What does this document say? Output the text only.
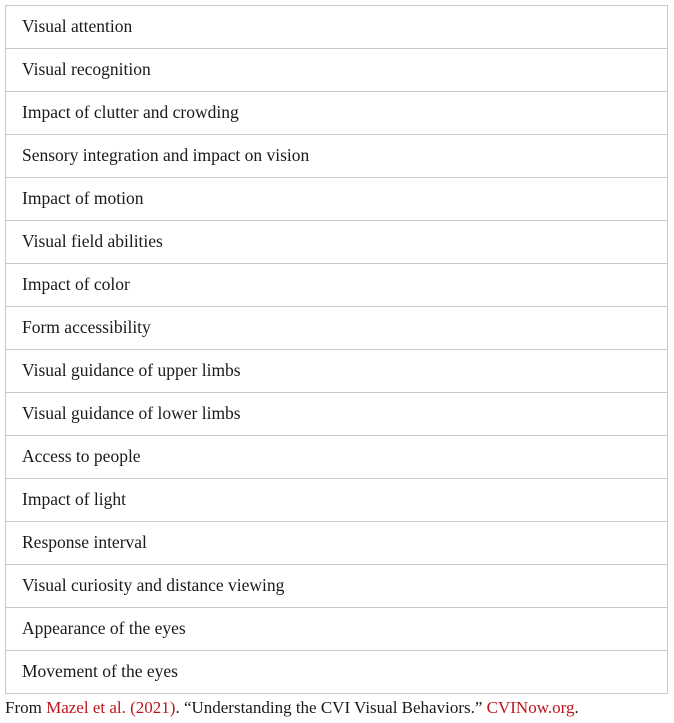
Visual attention
Visual recognition
Impact of clutter and crowding
Sensory integration and impact on vision
Impact of motion
Visual field abilities
Impact of color
Form accessibility
Visual guidance of upper limbs
Visual guidance of lower limbs
Access to people
Impact of light
Response interval
Visual curiosity and distance viewing
Appearance of the eyes
Movement of the eyes
From Mazel et al. (2021). “Understanding the CVI Visual Behaviors.” CVINow.org.
